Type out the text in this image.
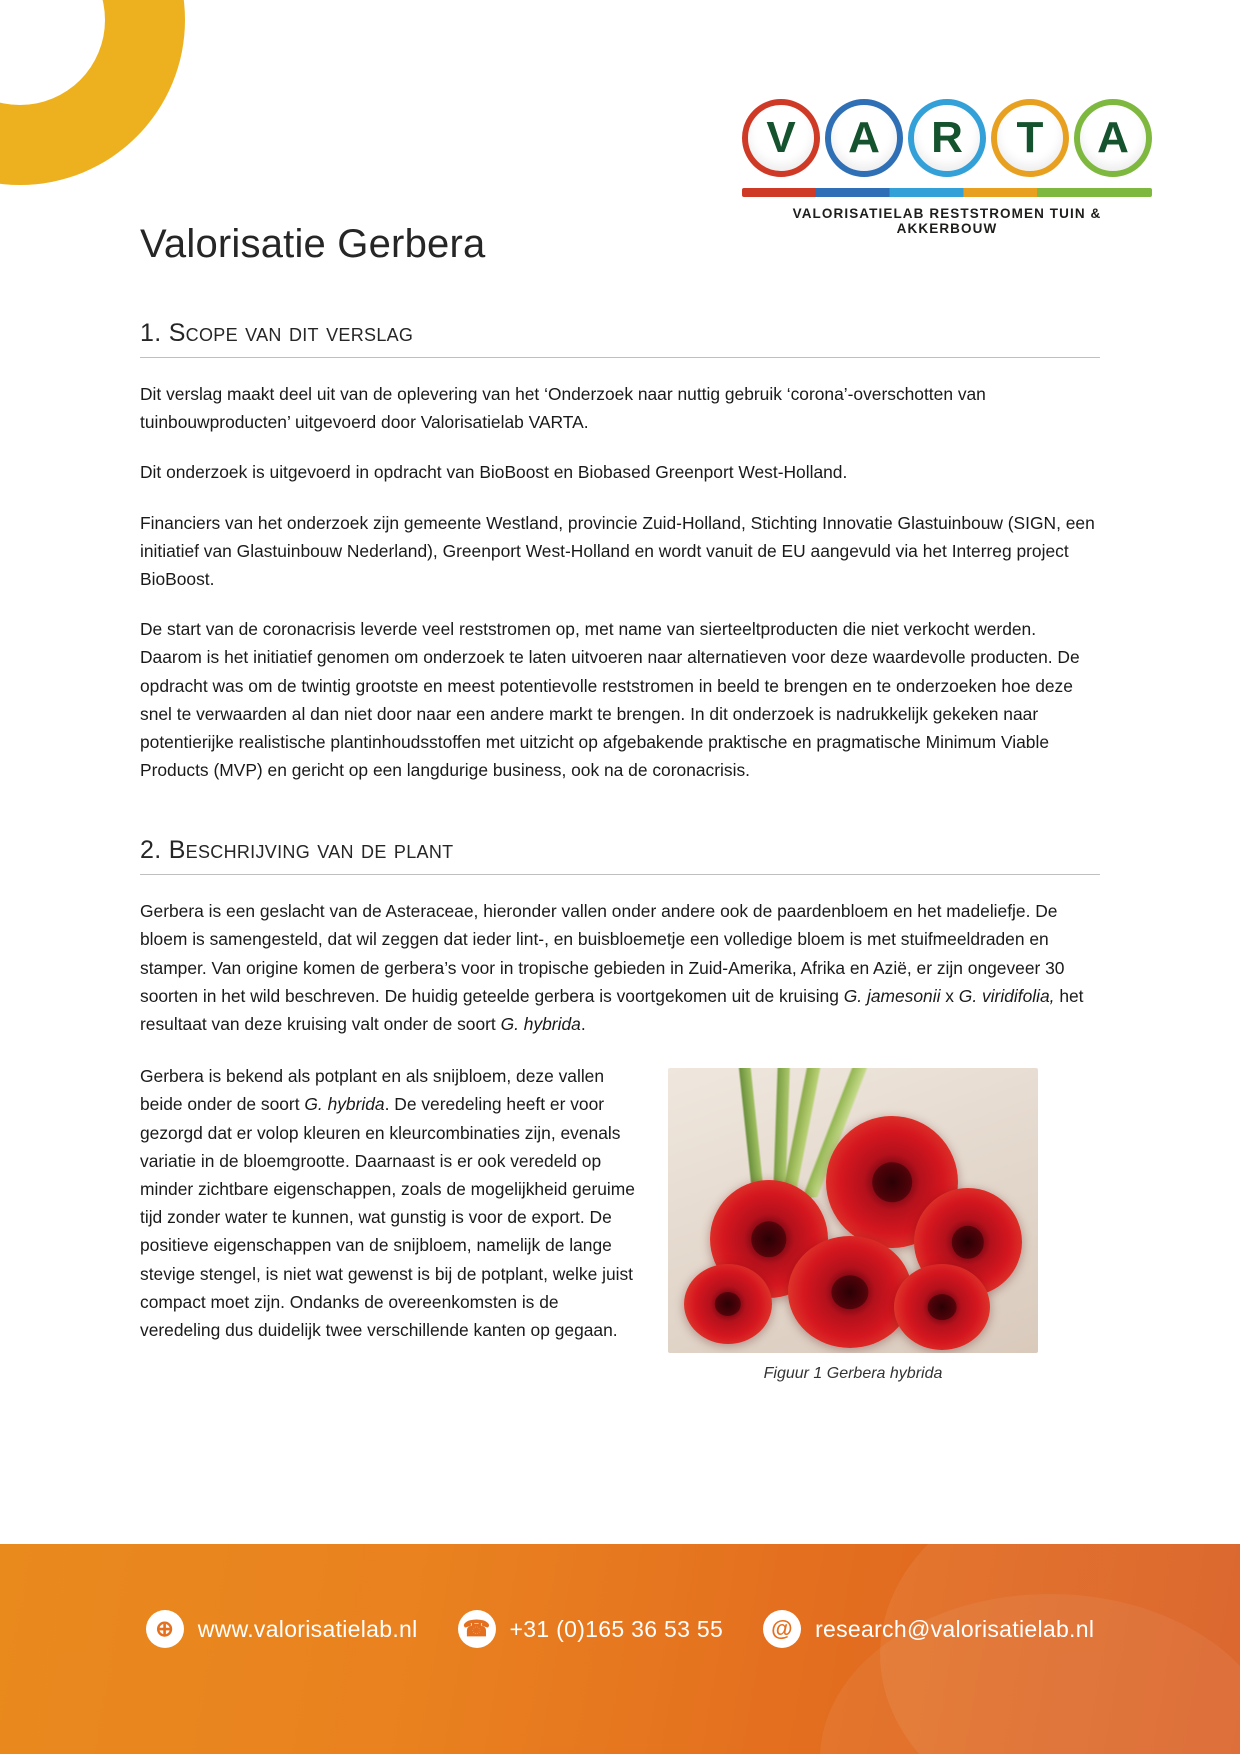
V	A	R	T	A
VALORISATIELAB RESTSTROMEN TUIN & AKKERBOUW
Valorisatie Gerbera
1. Scope van dit verslag

Dit verslag maakt deel uit van de oplevering van het ‘Onderzoek naar nuttig gebruik ‘corona’-overschotten van tuinbouwproducten’ uitgevoerd door Valorisatielab VARTA.

Dit onderzoek is uitgevoerd in opdracht van BioBoost en Biobased Greenport West-Holland.

Financiers van het onderzoek zijn gemeente Westland, provincie Zuid-Holland, Stichting Innovatie Glastuinbouw (SIGN, een initiatief van Glastuinbouw Nederland), Greenport West-Holland en wordt vanuit de EU aangevuld via het Interreg project BioBoost.

De start van de coronacrisis leverde veel reststromen op, met name van sierteeltproducten die niet verkocht werden. Daarom is het initiatief genomen om onderzoek te laten uitvoeren naar alternatieven voor deze waardevolle producten. De opdracht was om de twintig grootste en meest potentievolle reststromen in beeld te brengen en te onderzoeken hoe deze snel te verwaarden al dan niet door naar een andere markt te brengen. In dit onderzoek is nadrukkelijk gekeken naar potentierijke realistische plantinhoudsstoffen met uitzicht op afgebakende praktische en pragmatische Minimum Viable Products (MVP) en gericht op een langdurige business, ook na de coronacrisis.

2. Beschrijving van de plant

Gerbera is een geslacht van de Asteraceae, hieronder vallen onder andere ook de paardenbloem en het madeliefje. De bloem is samengesteld, dat wil zeggen dat ieder lint-, en buisbloemetje een volledige bloem is met stuifmeeldraden en stamper. Van origine komen de gerbera’s voor in tropische gebieden in Zuid-Amerika, Afrika en Azië, er zijn ongeveer 30 soorten in het wild beschreven. De huidig geteelde gerbera is voortgekomen uit de kruising G. jamesonii x G. viridifolia, het resultaat van deze kruising valt onder de soort G. hybrida.

Gerbera is bekend als potplant en als snijbloem, deze vallen beide onder de soort G. hybrida. De veredeling heeft er voor gezorgd dat er volop kleuren en kleurcombinaties zijn, evenals variatie in de bloemgrootte. Daarnaast is er ook veredeld op minder zichtbare eigenschappen, zoals de mogelijkheid geruime tijd zonder water te kunnen, wat gunstig is voor de export. De positieve eigenschappen van de snijbloem, namelijk de lange stevige stengel, is niet wat gewenst is bij de potplant, welke juist compact moet zijn. Ondanks de overeenkomsten is de veredeling dus duidelijk twee verschillende kanten op gegaan.

Figuur 1 Gerbera hybrida
⊕	www.valorisatielab.nl ☎ +31 (0)165 36 53 55	@ research@valorisatielab.nl
